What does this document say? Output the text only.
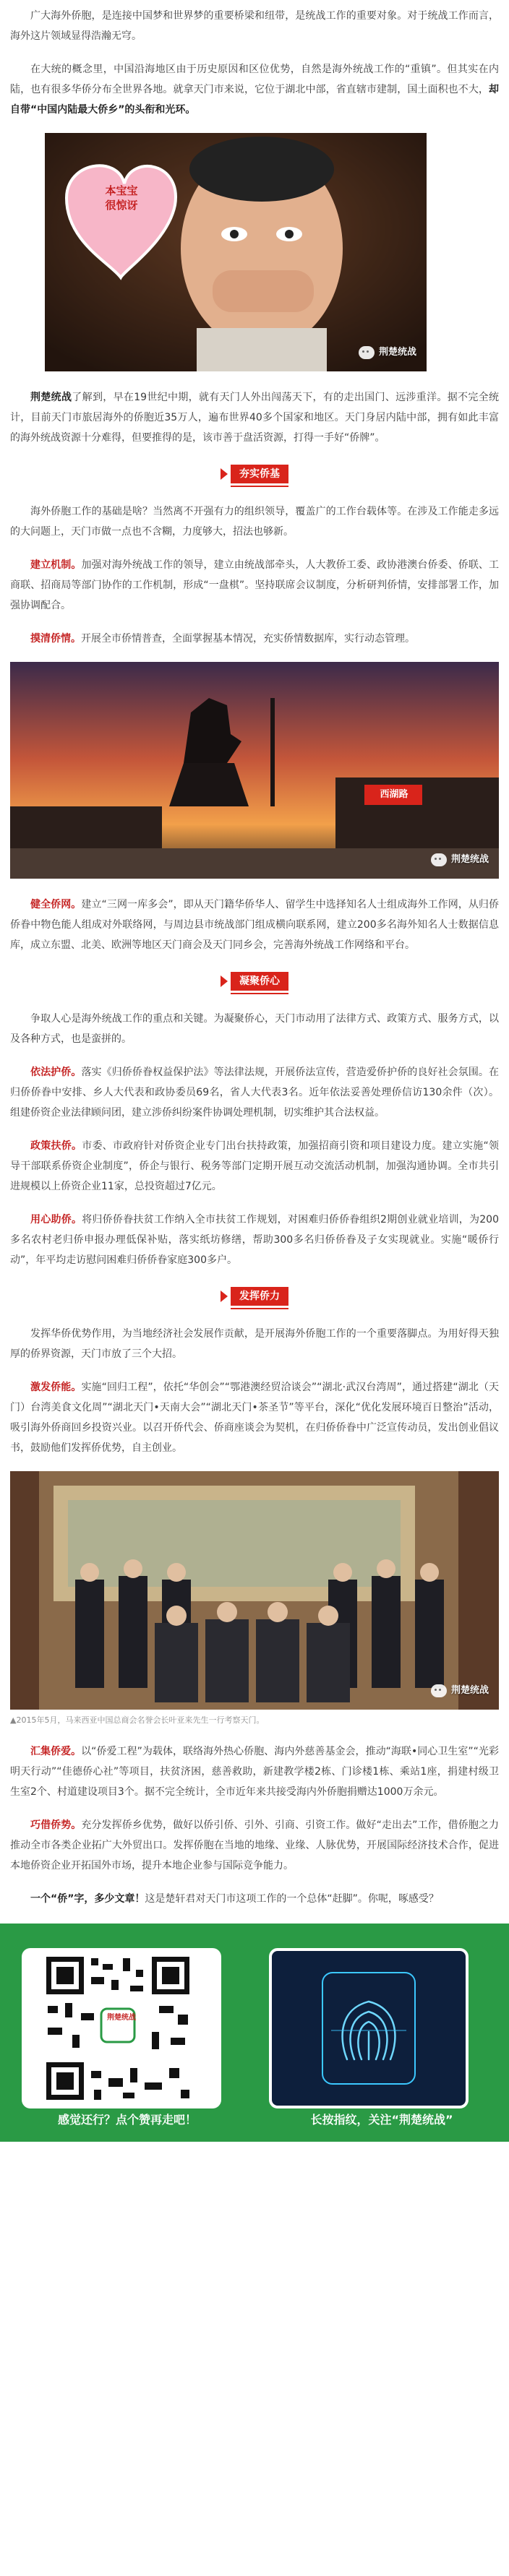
广大海外侨胞，是连接中国梦和世界梦的重要桥梁和纽带，是统战工作的重要对象。对于统战工作而言，海外这片领域显得浩瀚无穹。

在大统的概念里，中国沿海地区由于历史原因和区位优势，自然是海外统战工作的“重镇”。但其实在内陆，也有很多华侨分布全世界各地。就拿天门市来说，它位于湖北中部，省直辖市建制，国土面积也不大，却自带“中国内陆最大侨乡”的头衔和光环。

本宝宝
很惊讶
荆楚统战

荆楚统战了解到，早在19世纪中期，就有天门人外出闯荡天下，有的走出国门、远涉重洋。据不完全统计，目前天门市旅居海外的侨胞近35万人，遍布世界40多个国家和地区。天门身居内陆中部，拥有如此丰富的海外统战资源十分难得，但要推得的是，该市善于盘活资源，打得一手好“侨牌”。

夯实侨基

海外侨胞工作的基础是啥？当然离不开强有力的组织领导，覆盖广的工作台载体等。在涉及工作能走多远的大问题上，天门市做一点也不含糊，力度够大，招法也够新。

建立机制。加强对海外统战工作的领导，建立由统战部牵头，人大教侨工委、政协港澳台侨委、侨联、工商联、招商局等部门协作的工作机制，形成“一盘棋”。坚持联席会议制度，分析研判侨情，安排部署工作，加强协调配合。

摸清侨情。开展全市侨情普查，全面掌握基本情况，充实侨情数据库，实行动态管理。

西湖路
荆楚统战

健全侨网。建立“三网一库多会”，即从天门籍华侨华人、留学生中选择知名人士组成海外工作网，从归侨侨眷中物色能人组成对外联络网，与周边县市统战部门组成横向联系网，建立200多名海外知名人士数据信息库，成立东盟、北美、欧洲等地区天门商会及天门同乡会，完善海外统战工作网络和平台。

凝聚侨心

争取人心是海外统战工作的重点和关键。为凝聚侨心，天门市动用了法律方式、政策方式、服务方式，以及各种方式，也是蛮拼的。

依法护侨。落实《归侨侨眷权益保护法》等法律法规，开展侨法宣传，营造爱侨护侨的良好社会氛围。在归侨侨眷中安排、乡人大代表和政协委员69名，省人大代表3名。近年依法妥善处理侨信访130余件（次）。组建侨资企业法律顾问团，建立涉侨纠纷案件协调处理机制，切实维护其合法权益。

政策扶侨。市委、市政府针对侨资企业专门出台扶持政策，加强招商引资和项目建设力度。建立实施“领导干部联系侨资企业制度”，侨企与银行、税务等部门定期开展互动交流活动机制，加强沟通协调。全市共引进规模以上侨资企业11家，总投资超过7亿元。

用心助侨。将归侨侨眷扶贫工作纳入全市扶贫工作规划，对困难归侨侨眷组织2期创业就业培训，为200多名农村老归侨申报办理低保补贴，落实纸坊修缮，帮助300多名归侨侨眷及子女实现就业。实施“暖侨行动”，年平均走访慰问困难归侨侨眷家庭300多户。

发挥侨力

发挥华侨优势作用，为当地经济社会发展作贡献，是开展海外侨胞工作的一个重要落脚点。为用好得天独厚的侨界资源，天门市放了三个大招。

激发侨能。实施“回归工程”，依托“华创会”“鄂港澳经贸洽谈会”“湖北·武汉台湾周”，通过搭建“湖北（天门）台湾美食文化周”“湖北天门•天南大会”“湖北天门•茶圣节”等平台，深化“优化发展环境百日整治”活动，吸引海外侨商回乡投资兴业。以召开侨代会、侨商座谈会为契机，在归侨侨眷中广泛宣传动员，发出创业倡议书，鼓励他们发挥侨优势，自主创业。

荆楚统战
▲2015年5月，马来西亚中国总商会名誉会长叶亚来先生一行考察天门。

汇集侨爱。以“侨爱工程”为载体，联络海外热心侨胞、海内外慈善基金会，推动“海联•同心卫生室”“光彩明天行动”“佳德侨心社”等项目，扶贫济困，慈善救助，新建教学楼2栋、门诊楼1栋、乘站1座，捐建村级卫生室2个、村道建设项目3个。据不完全统计，全市近年来共接受海内外侨胞捐赠达1000万余元。

巧借侨势。充分发挥侨乡优势，做好以侨引侨、引外、引商、引资工作。做好“走出去”工作，借侨胞之力推动全市各类企业拓广大外贸出口。发挥侨胞在当地的地缘、业缘、人脉优势，开展国际经济技术合作，促进本地侨资企业开拓国外市场，提升本地企业参与国际竞争能力。

一个“侨”字，多少文章！这是楚轩君对天门市这项工作的一个总体“赶脚”。你呢，啄感受？

荆楚统战
感觉还行？点个赞再走吧！	长按指纹，关注“荆楚统战”
